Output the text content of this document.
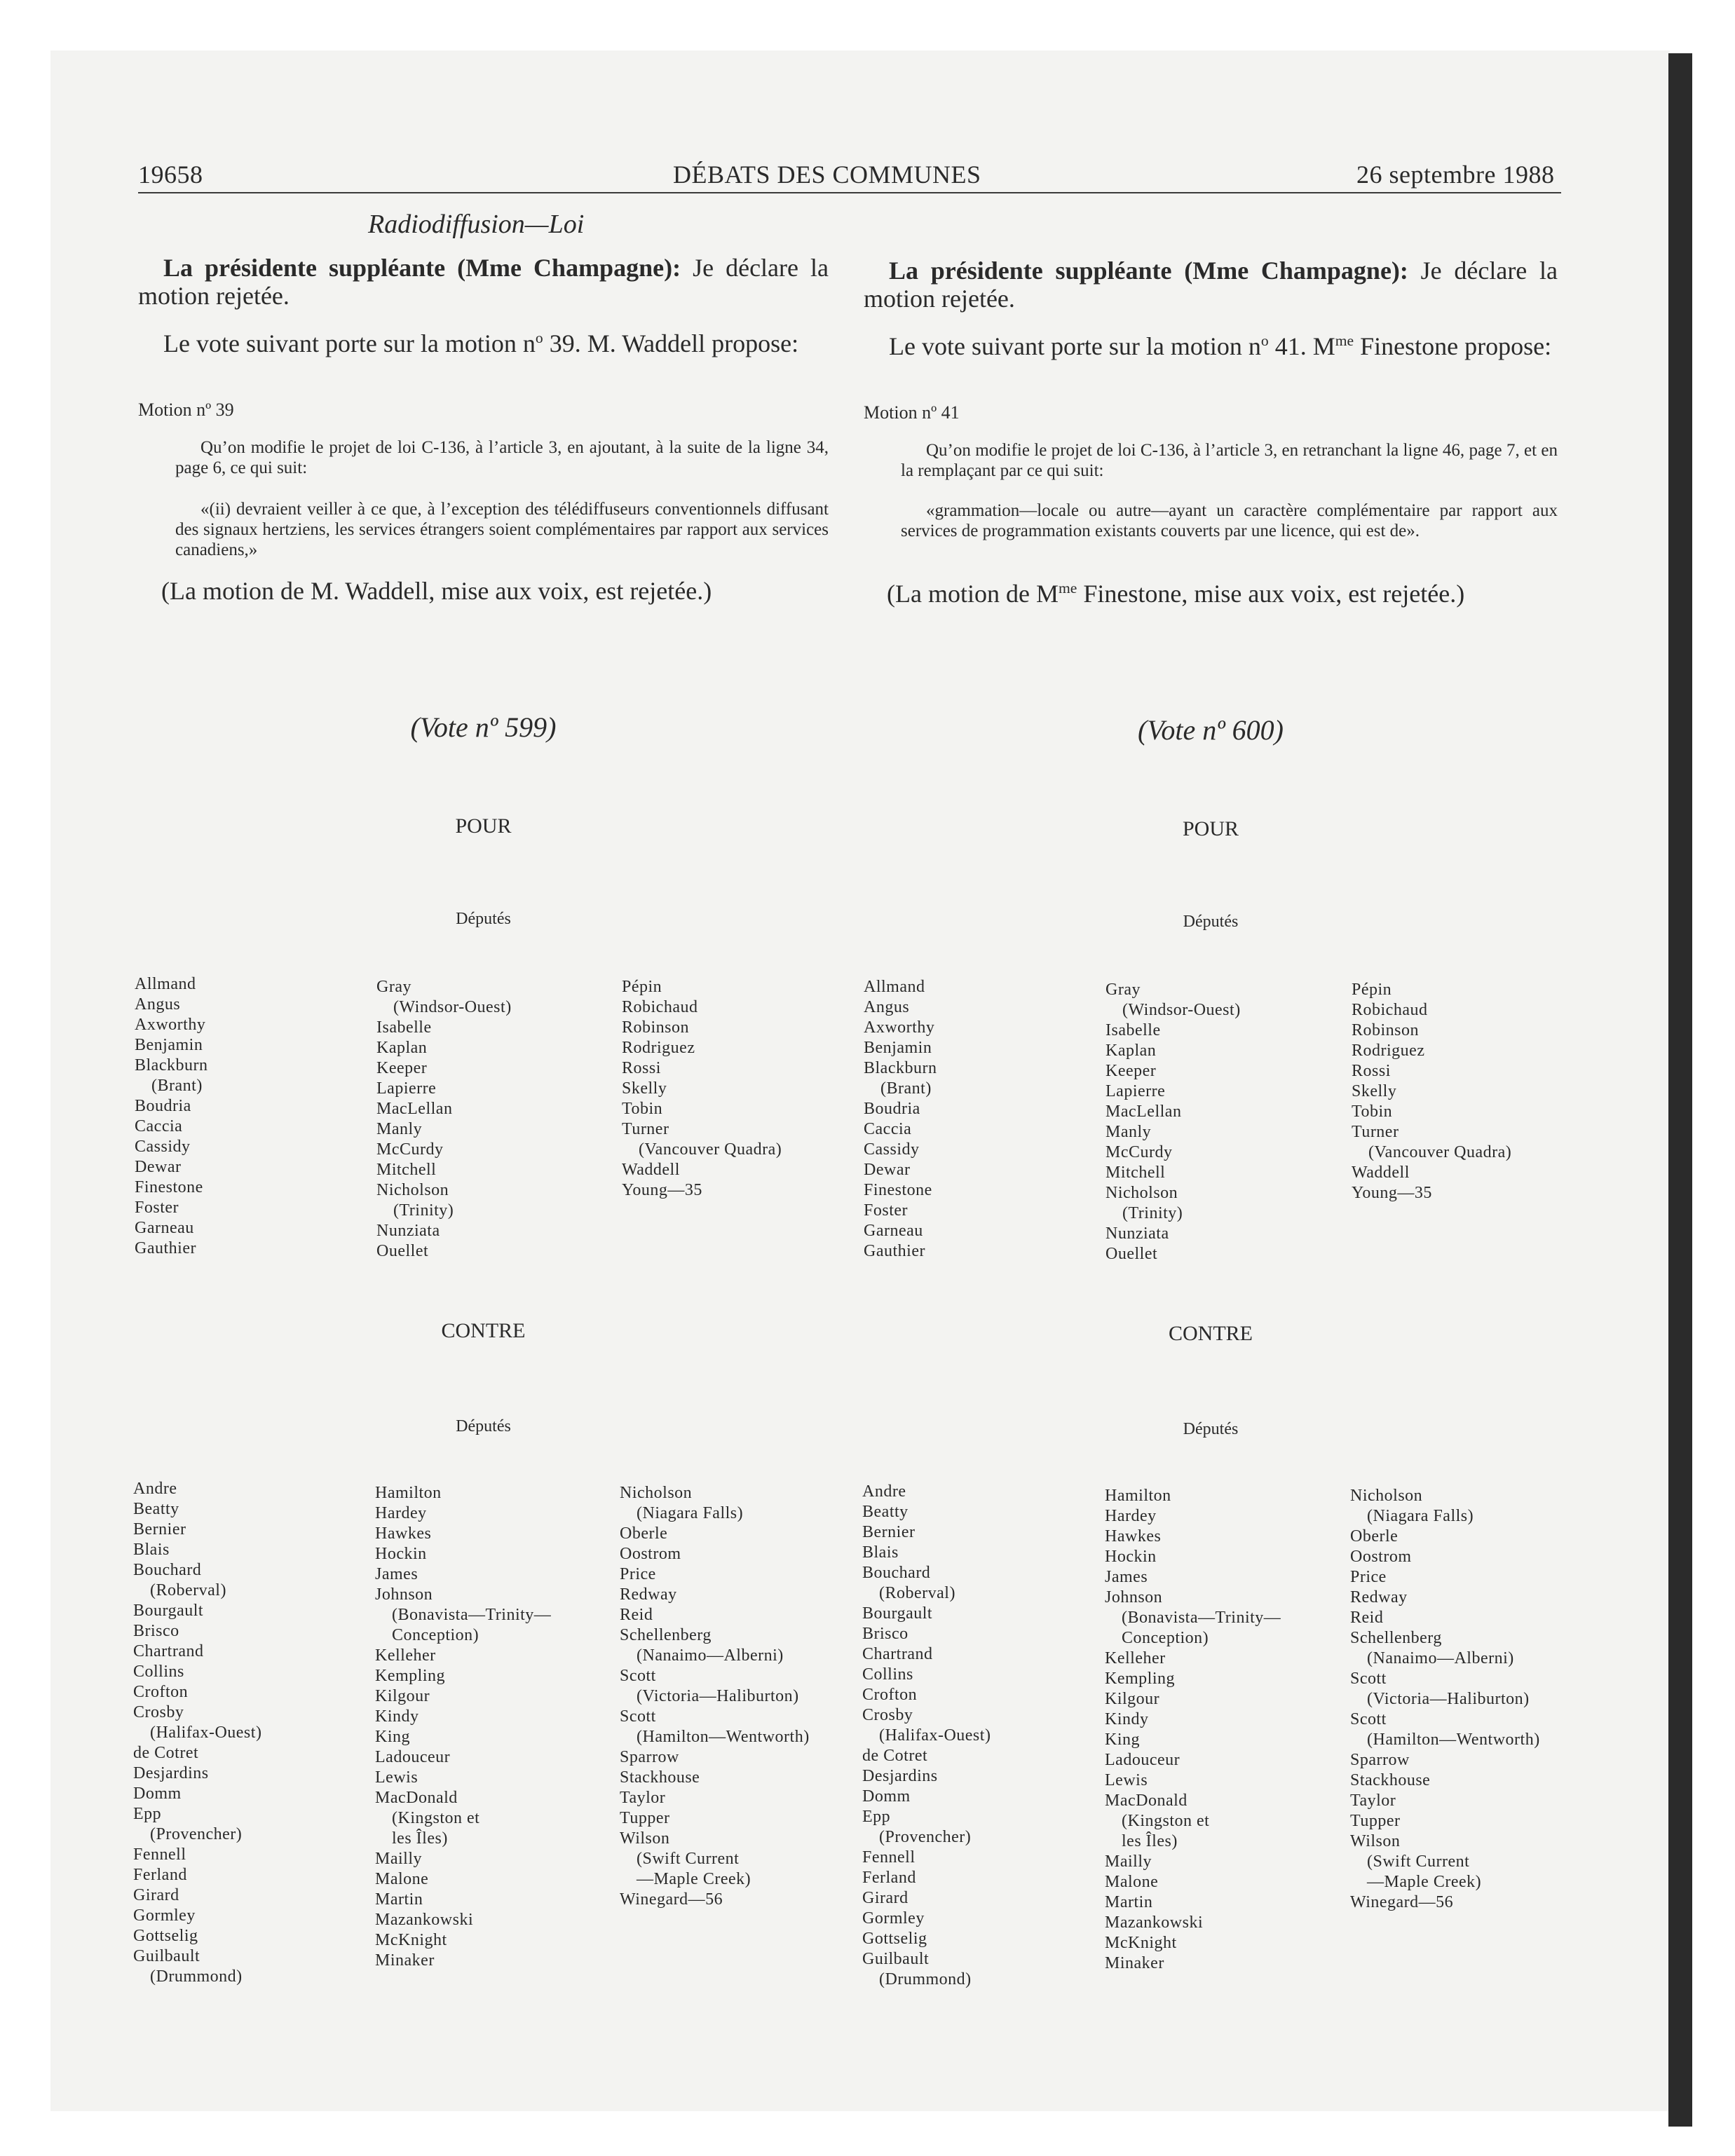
19658	DÉBATS DES COMMUNES	26 septembre 1988
Radiodiffusion—Loi
La présidente suppléante (Mme Champagne): Je déclare la motion rejetée.
Le vote suivant porte sur la motion $n^o$ 39. M. Waddell propose:
Motion nº 39
Qu’on modifie le projet de loi C-136, à l’article 3, en ajoutant, à la suite de la ligne 34, page 6, ce qui suit:
«(ii) devraient veiller à ce que, à l’exception des télédiffuseurs conventionnels diffusant des signaux hertziens, les services étrangers soient complémentaires par rapport aux services canadiens,»
(La motion de M. Waddell, mise aux voix, est rejetée.)
La présidente suppléante (Mme Champagne): Je déclare la motion rejetée.
Le vote suivant porte sur la motion $n^o$ 41. $M^{me}$ Finestone propose:
Motion nº 41
Qu’on modifie le projet de loi C-136, à l’article 3, en retranchant la ligne 46, page 7, et en la remplaçant par ce qui suit:
«grammation—locale ou autre—ayant un caractère complémentaire par rapport aux services de programmation existants couverts par une licence, qui est de».
(La motion de $M^{me}$ Finestone, mise aux voix, est rejetée.)
(Vote nº 599)
POUR
Députés
CONTRE
Députés
(Vote nº 600)
POUR
Députés
CONTRE
Députés
Allmand
Angus
Axworthy
Benjamin
Blackburn
(Brant)
Boudria
Caccia
Cassidy
Dewar
Finestone
Foster
Garneau
Gauthier
Gray
(Windsor-Ouest)
Isabelle
Kaplan
Keeper
Lapierre
MacLellan
Manly
McCurdy
Mitchell
Nicholson
(Trinity)
Nunziata
Ouellet
Pépin
Robichaud
Robinson
Rodriguez
Rossi
Skelly
Tobin
Turner
(Vancouver Quadra)
Waddell
Young—35
Andre
Beatty
Bernier
Blais
Bouchard
(Roberval)
Bourgault
Brisco
Chartrand
Collins
Crofton
Crosby
(Halifax-Ouest)
de Cotret
Desjardins
Domm
Epp
(Provencher)
Fennell
Ferland
Girard
Gormley
Gottselig
Guilbault
(Drummond)
Hamilton
Hardey
Hawkes
Hockin
James
Johnson
(Bonavista—Trinity—
Conception)
Kelleher
Kempling
Kilgour
Kindy
King
Ladouceur
Lewis
MacDonald
(Kingston et
les Îles)
Mailly
Malone
Martin
Mazankowski
McKnight
Minaker
Nicholson
(Niagara Falls)
Oberle
Oostrom
Price
Redway
Reid
Schellenberg
(Nanaimo—Alberni)
Scott
(Victoria—Haliburton)
Scott
(Hamilton—Wentworth)
Sparrow
Stackhouse
Taylor
Tupper
Wilson
(Swift Current
—Maple Creek)
Winegard—56
Allmand
Angus
Axworthy
Benjamin
Blackburn
(Brant)
Boudria
Caccia
Cassidy
Dewar
Finestone
Foster
Garneau
Gauthier
Gray
(Windsor-Ouest)
Isabelle
Kaplan
Keeper
Lapierre
MacLellan
Manly
McCurdy
Mitchell
Nicholson
(Trinity)
Nunziata
Ouellet
Pépin
Robichaud
Robinson
Rodriguez
Rossi
Skelly
Tobin
Turner
(Vancouver Quadra)
Waddell
Young—35
Andre
Beatty
Bernier
Blais
Bouchard
(Roberval)
Bourgault
Brisco
Chartrand
Collins
Crofton
Crosby
(Halifax-Ouest)
de Cotret
Desjardins
Domm
Epp
(Provencher)
Fennell
Ferland
Girard
Gormley
Gottselig
Guilbault
(Drummond)
Hamilton
Hardey
Hawkes
Hockin
James
Johnson
(Bonavista—Trinity—
Conception)
Kelleher
Kempling
Kilgour
Kindy
King
Ladouceur
Lewis
MacDonald
(Kingston et
les Îles)
Mailly
Malone
Martin
Mazankowski
McKnight
Minaker
Nicholson
(Niagara Falls)
Oberle
Oostrom
Price
Redway
Reid
Schellenberg
(Nanaimo—Alberni)
Scott
(Victoria—Haliburton)
Scott
(Hamilton—Wentworth)
Sparrow
Stackhouse
Taylor
Tupper
Wilson
(Swift Current
—Maple Creek)
Winegard—56
